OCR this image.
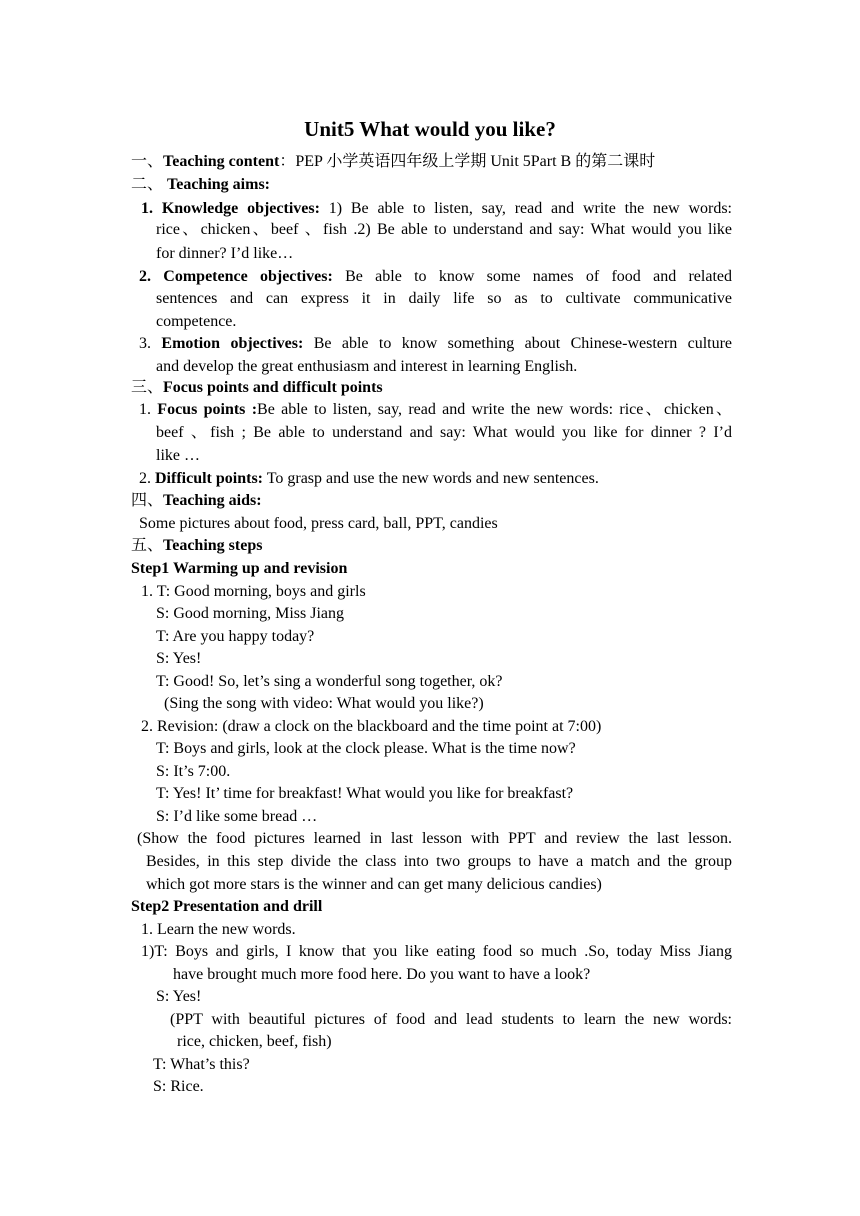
Unit5 What would you like?
一、Teaching content：PEP 小学英语四年级上学期 Unit 5Part B 的第二课时
二、 Teaching aims:
1. Knowledge objectives: 1) Be able to listen, say, read and write the new words:
rice、chicken、beef 、fish .2) Be able to understand and say: What would you like
for dinner? I’d like…
2. Competence objectives: Be able to know some names of food and related
sentences and can express it in daily life so as to cultivate communicative
competence.
3. Emotion objectives: Be able to know something about Chinese-western culture
and develop the great enthusiasm and interest in learning English.
三、Focus points and difficult points
1. Focus points :Be able to listen, say, read and write the new words: rice、chicken、
beef 、fish ; Be able to understand and say: What would you like for dinner ? I’d
like …
2. Difficult points: To grasp and use the new words and new sentences.
四、Teaching aids:
Some pictures about food, press card, ball, PPT, candies
五、Teaching steps
Step1 Warming up and revision
1. T: Good morning, boys and girls
S: Good morning, Miss Jiang
T: Are you happy today?
S: Yes!
T: Good! So, let’s sing a wonderful song together, ok?
(Sing the song with video: What would you like?)
2. Revision: (draw a clock on the blackboard and the time point at 7:00)
T: Boys and girls, look at the clock please. What is the time now?
S: It’s 7:00.
T: Yes! It’ time for breakfast! What would you like for breakfast?
S: I’d like some bread …
(Show the food pictures learned in last lesson with PPT and review the last lesson.
Besides, in this step divide the class into two groups to have a match and the group
which got more stars is the winner and can get many delicious candies)
Step2 Presentation and drill
1. Learn the new words.
1)T: Boys and girls, I know that you like eating food so much .So, today Miss Jiang
have brought much more food here. Do you want to have a look?
S: Yes!
(PPT with beautiful pictures of food and lead students to learn the new words:
rice, chicken, beef, fish)
T: What’s this?
S: Rice.
